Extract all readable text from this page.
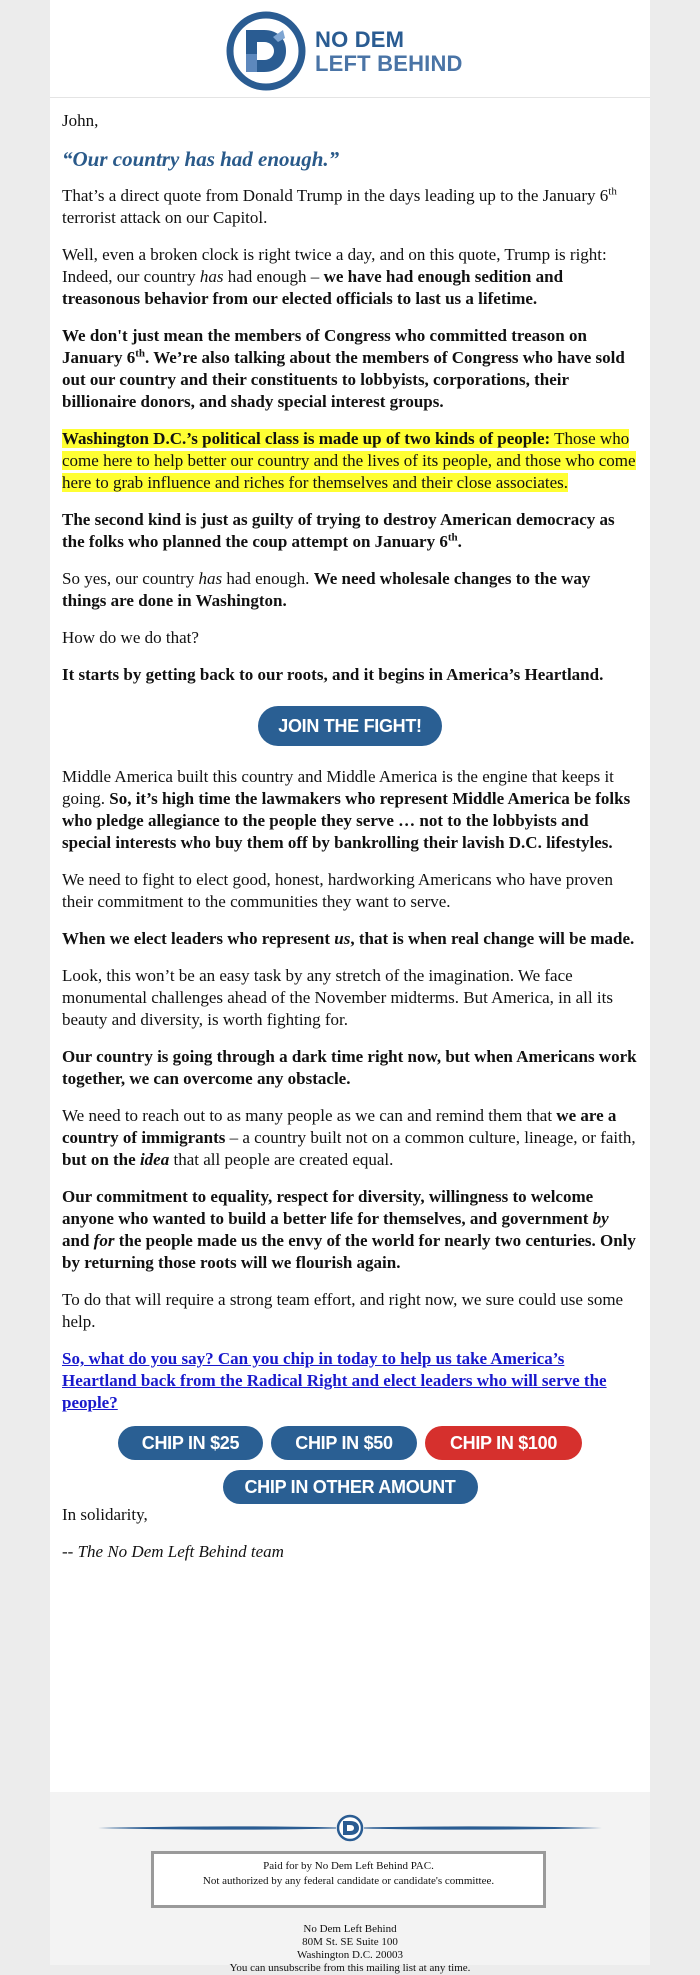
NO DEM
LEFT BEHIND

John,

“Our country has had enough.”

That’s a direct quote from Donald Trump in the days leading up to the January 6th terrorist attack on our Capitol.

Well, even a broken clock is right twice a day, and on this quote, Trump is right: Indeed, our country has had enough – we have had enough sedition and treasonous behavior from our elected officials to last us a lifetime.

We don't just mean the members of Congress who committed treason on January 6th. We’re also talking about the members of Congress who have sold out our country and their constituents to lobbyists, corporations, their billionaire donors, and shady special interest groups.

Washington D.C.’s political class is made up of two kinds of people: Those who come here to help better our country and the lives of its people, and those who come here to grab influence and riches for themselves and their close associates.

The second kind is just as guilty of trying to destroy American democracy as the folks who planned the coup attempt on January 6th.

So yes, our country has had enough. We need wholesale changes to the way things are done in Washington.

How do we do that?

It starts by getting back to our roots, and it begins in America’s Heartland.

JOIN THE FIGHT!

Middle America built this country and Middle America is the engine that keeps it going. So, it’s high time the lawmakers who represent Middle America be folks who pledge allegiance to the people they serve … not to the lobbyists and special interests who buy them off by bankrolling their lavish D.C. lifestyles.

We need to fight to elect good, honest, hardworking Americans who have proven their commitment to the communities they want to serve.

When we elect leaders who represent us, that is when real change will be made.

Look, this won’t be an easy task by any stretch of the imagination. We face monumental challenges ahead of the November midterms. But America, in all its beauty and diversity, is worth fighting for.

Our country is going through a dark time right now, but when Americans work together, we can overcome any obstacle.

We need to reach out to as many people as we can and remind them that we are a country of immigrants – a country built not on a common culture, lineage, or faith, but on the idea that all people are created equal.

Our commitment to equality, respect for diversity, willingness to welcome anyone who wanted to build a better life for themselves, and government by and for the people made us the envy of the world for nearly two centuries. Only by returning those roots will we flourish again.

To do that will require a strong team effort, and right now, we sure could use some help.

So, what do you say? Can you chip in today to help us take America’s Heartland back from the Radical Right and elect leaders who will serve the people?

CHIP IN $25	CHIP IN $50	CHIP IN $100
CHIP IN OTHER AMOUNT

In solidarity,

-- The No Dem Left Behind team

Paid for by No Dem Left Behind PAC.
Not authorized by any federal candidate or candidate's committee.
No Dem Left Behind
80M St. SE Suite 100
Washington D.C. 20003
You can unsubscribe from this mailing list at any time.
